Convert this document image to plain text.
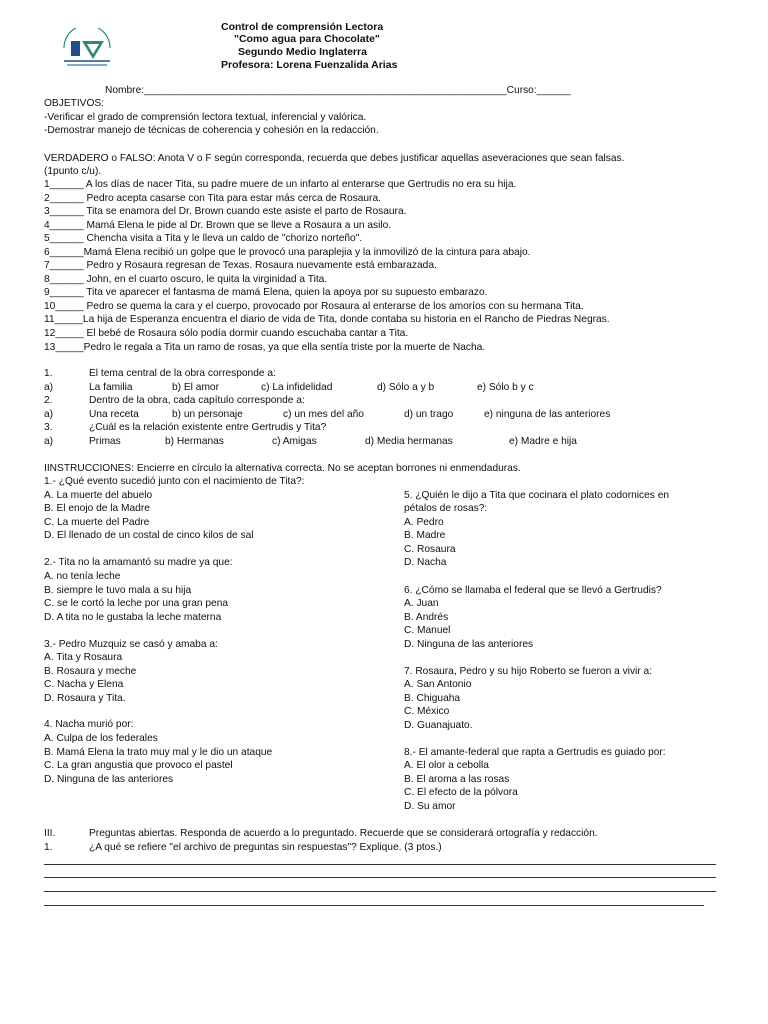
Control de comprensión Lectora
"Como agua para Chocolate"
Segundo Medio Inglaterra
Profesora: Lorena Fuenzalida Arias
Nombre:________________________________________________________________Curso:______
OBJETIVOS:
-Verificar el grado de comprensión lectora textual, inferencial y valórica.
-Demostrar manejo de técnicas de coherencia y cohesión en la redacción.
VERDADERO o FALSO: Anota V o F según corresponda, recuerda que debes justificar aquellas aseveraciones que sean falsas.
(1punto c/u).
1______ A los días de nacer Tita, su padre muere de un infarto al enterarse que Gertrudis no era su hija.
2______ Pedro acepta casarse con Tita para estar más cerca de Rosaura.
3______ Tita se enamora del Dr. Brown cuando este asiste el parto de Rosaura.
4______ Mamá Elena le pide al Dr. Brown que se lleve a Rosaura a un asilo.
5______ Chencha visita a Tita y le lleva un caldo de "chorizo norteño".
6______Mamá Elena recibió un golpe que le provocó una paraplejia y la inmovilizó de la cintura para abajo.
7______ Pedro y Rosaura regresan de Texas. Rosaura nuevamente está embarazada.
8______ John, en el cuarto oscuro, le quita la virginidad a Tita.
9______ Tita ve aparecer el fantasma de mamá Elena, quien la apoya por su supuesto embarazo.
10_____ Pedro se quema la cara y el cuerpo, provocado por Rosaura al enterarse de los amoríos con su hermana Tita.
11_____La hija de Esperanza encuentra el diario de vida de Tita, donde contaba su historia en el Rancho de Piedras Negras.
12_____ El bebé de Rosaura sólo podía dormir cuando escuchaba cantar a Tita.
13_____Pedro le regala a Tita un ramo de rosas, ya que ella sentía triste por la muerte de Nacha.
1.	El tema central de la obra corresponde a:
a)	La familia	b) El amor	c) La infidelidad	d) Sólo a y b	e) Sólo b y c
2.	Dentro de la obra, cada capítulo corresponde a:
a)	Una receta	b) un personaje	c) un mes del año	d) un trago	e) ninguna de las anteriores
3.	¿Cuál es la relación existente entre Gertrudis y Tita?
a)	Primas	b) Hermanas	c) Amigas	d) Media hermanas	e) Madre e hija
IINSTRUCCIONES: Encierre en círculo la alternativa correcta. No se aceptan borrones ni enmendaduras.
1.- ¿Qué evento sucedió junto con el nacimiento de Tita?:
A. La muerte del abuelo
B. El enojo de la Madre
C. La muerte del Padre
D. El llenado de un costal de cinco kilos de sal
2.- Tita no la amamantó su madre ya que:
A. no tenía leche
B. siempre le tuvo mala a su hija
C. se le cortó la leche por una gran pena
D. A tita no le gustaba la leche materna
3.- Pedro Muzquiz se casó y amaba a:
A. Tita y Rosaura
B. Rosaura y meche
C. Nacha y Elena
D. Rosaura y Tita.
4. Nacha murió por:
A. Culpa de los federales
B. Mamá Elena la trato muy mal y le dio un ataque
C. La gran angustia que provoco el pastel
D. Ninguna de las anteriores
5. ¿Quién le dijo a Tita que cocinara el plato codornices en
pétalos de rosas?:
A. Pedro
B. Madre
C. Rosaura
D. Nacha
6. ¿Cómo se llamaba el federal que se llevó a Gertrudis?
A. Juan
B. Andrés
C. Manuel
D. Ninguna de las anteriores
7. Rosaura, Pedro y su hijo Roberto se fueron a vivir a:
A. San Antonio
B. Chiguaha
C. México
D. Guanajuato.
8.- El amante-federal que rapta a Gertrudis es guiado por:
A. El olor a cebolla
B. El aroma a las rosas
C. El efecto de la pólvora
D. Su amor
III.	Preguntas abiertas. Responda de acuerdo a lo preguntado. Recuerde que se considerará ortografía y redacción.
1.	¿A qué se refiere "el archivo de preguntas sin respuestas"? Explique. (3 ptos.)
